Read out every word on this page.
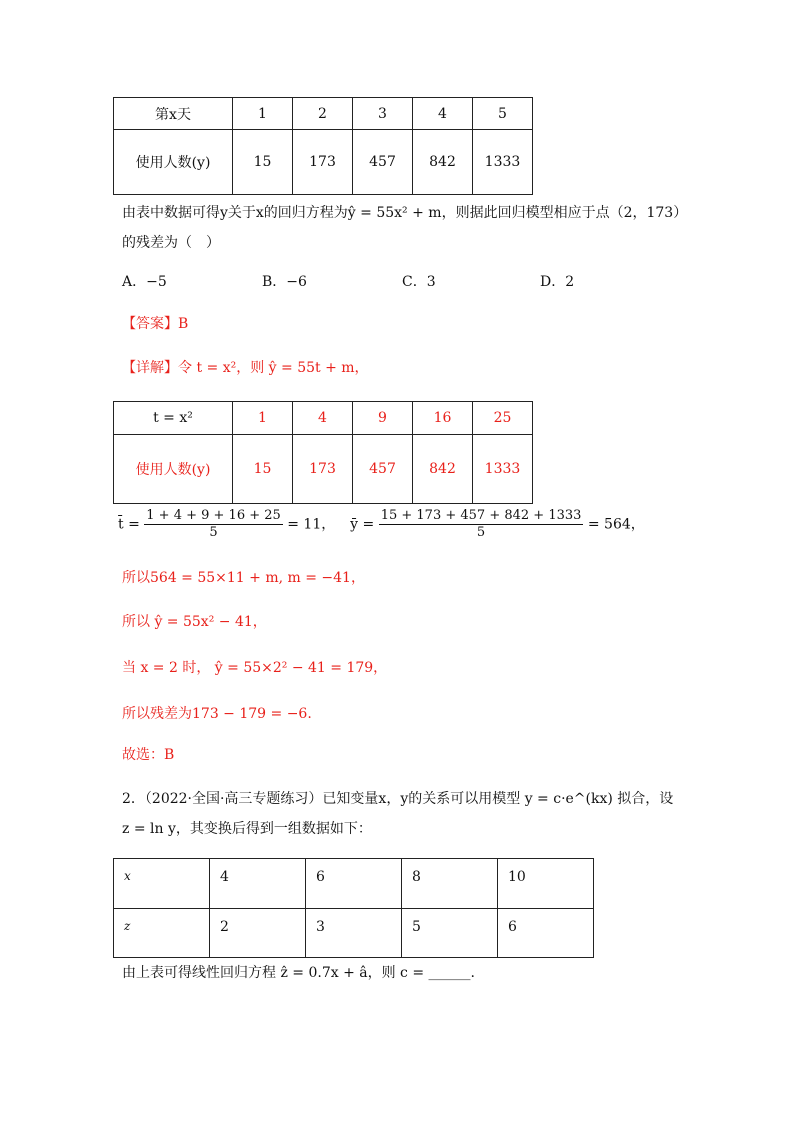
第x天	1	2	3	4	5
使用人数(y)	15	173	457	842	1333
由表中数据可得y关于x的回归方程为ŷ = 55x² + m，则据此回归模型相应于点（2，173）
的残差为（　）
A．−5	B．−6	C．3	D．2
【答案】B
【详解】令 t = x²，则 ŷ = 55t + m，
t = x²	1	4	9	16	25
使用人数(y)	15	173	457	842	1333
t̄ = $\frac{1 + 4 + 9 + 16 + 25}{5} = 11$， ȳ = $\frac{15 + 173 + 457 + 842 + 1333}{5} = 564$，
所以564 = 55×11 + m, m = −41，
所以 ŷ = 55x² − 41，
当 x = 2 时， ŷ = 55×2² − 41 = 179，
所以残差为173 − 179 = −6.
故选：B
2．（2022·全国·高三专题练习）已知变量x，y的关系可以用模型 y = c·e^(kx) 拟合，设
z = ln y，其变换后得到一组数据如下：
x	4	6	8	10
z	2	3	5	6
由上表可得线性回归方程 ẑ = 0.7x + â，则 c = ______.
